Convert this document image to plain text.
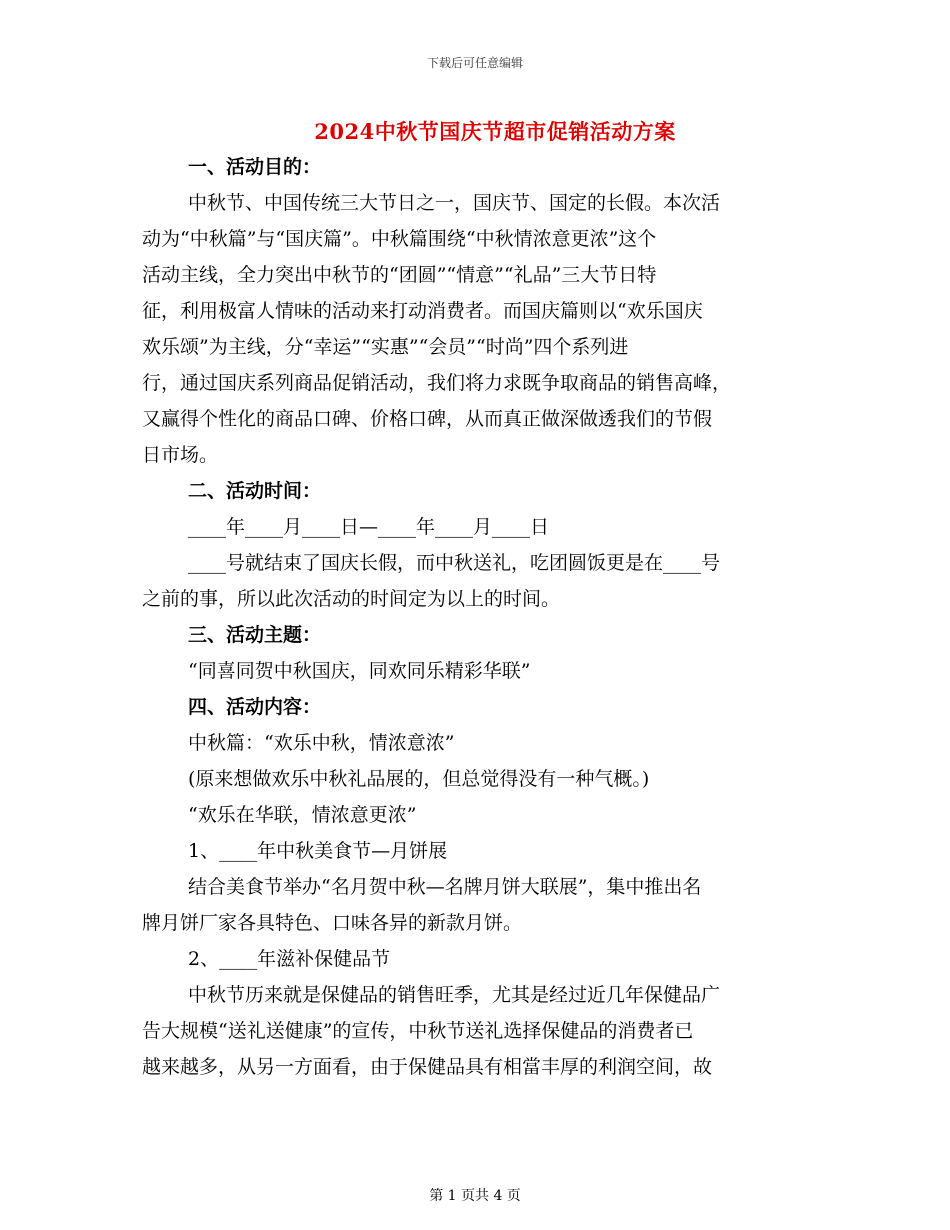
下载后可任意编辑
2024中秋节国庆节超市促销活动方案
一、活动目的：
中秋节、中国传统三大节日之一，国庆节、国定的长假。本次活
动为“中秋篇”与“国庆篇”。中秋篇围绕“中秋情浓意更浓”这个
活动主线，全力突出中秋节的“团圆”“情意”“礼品”三大节日特
征，利用极富人情味的活动来打动消费者。而国庆篇则以“欢乐国庆
欢乐颂”为主线，分“幸运”“实惠”“会员”“时尚”四个系列进
行，通过国庆系列商品促销活动，我们将力求既争取商品的销售高峰，
又赢得个性化的商品口碑、价格口碑，从而真正做深做透我们的节假
日市场。
二、活动时间：
____年____月____日—____年____月____日
____号就结束了国庆长假，而中秋送礼，吃团圆饭更是在____号
之前的事，所以此次活动的时间定为以上的时间。
三、活动主题：
“同喜同贺中秋国庆，同欢同乐精彩华联”
四、活动内容：
中秋篇：“欢乐中秋，情浓意浓”
(原来想做欢乐中秋礼品展的，但总觉得没有一种气概。)
“欢乐在华联，情浓意更浓”
1、____年中秋美食节—月饼展
结合美食节举办“名月贺中秋—名牌月饼大联展”，集中推出名
牌月饼厂家各具特色、口味各异的新款月饼。
2、____年滋补保健品节
中秋节历来就是保健品的销售旺季，尤其是经过近几年保健品广
告大规模“送礼送健康”的宣传，中秋节送礼选择保健品的消费者已
越来越多，从另一方面看，由于保健品具有相當丰厚的利润空间，故
第 1 页共 4 页
